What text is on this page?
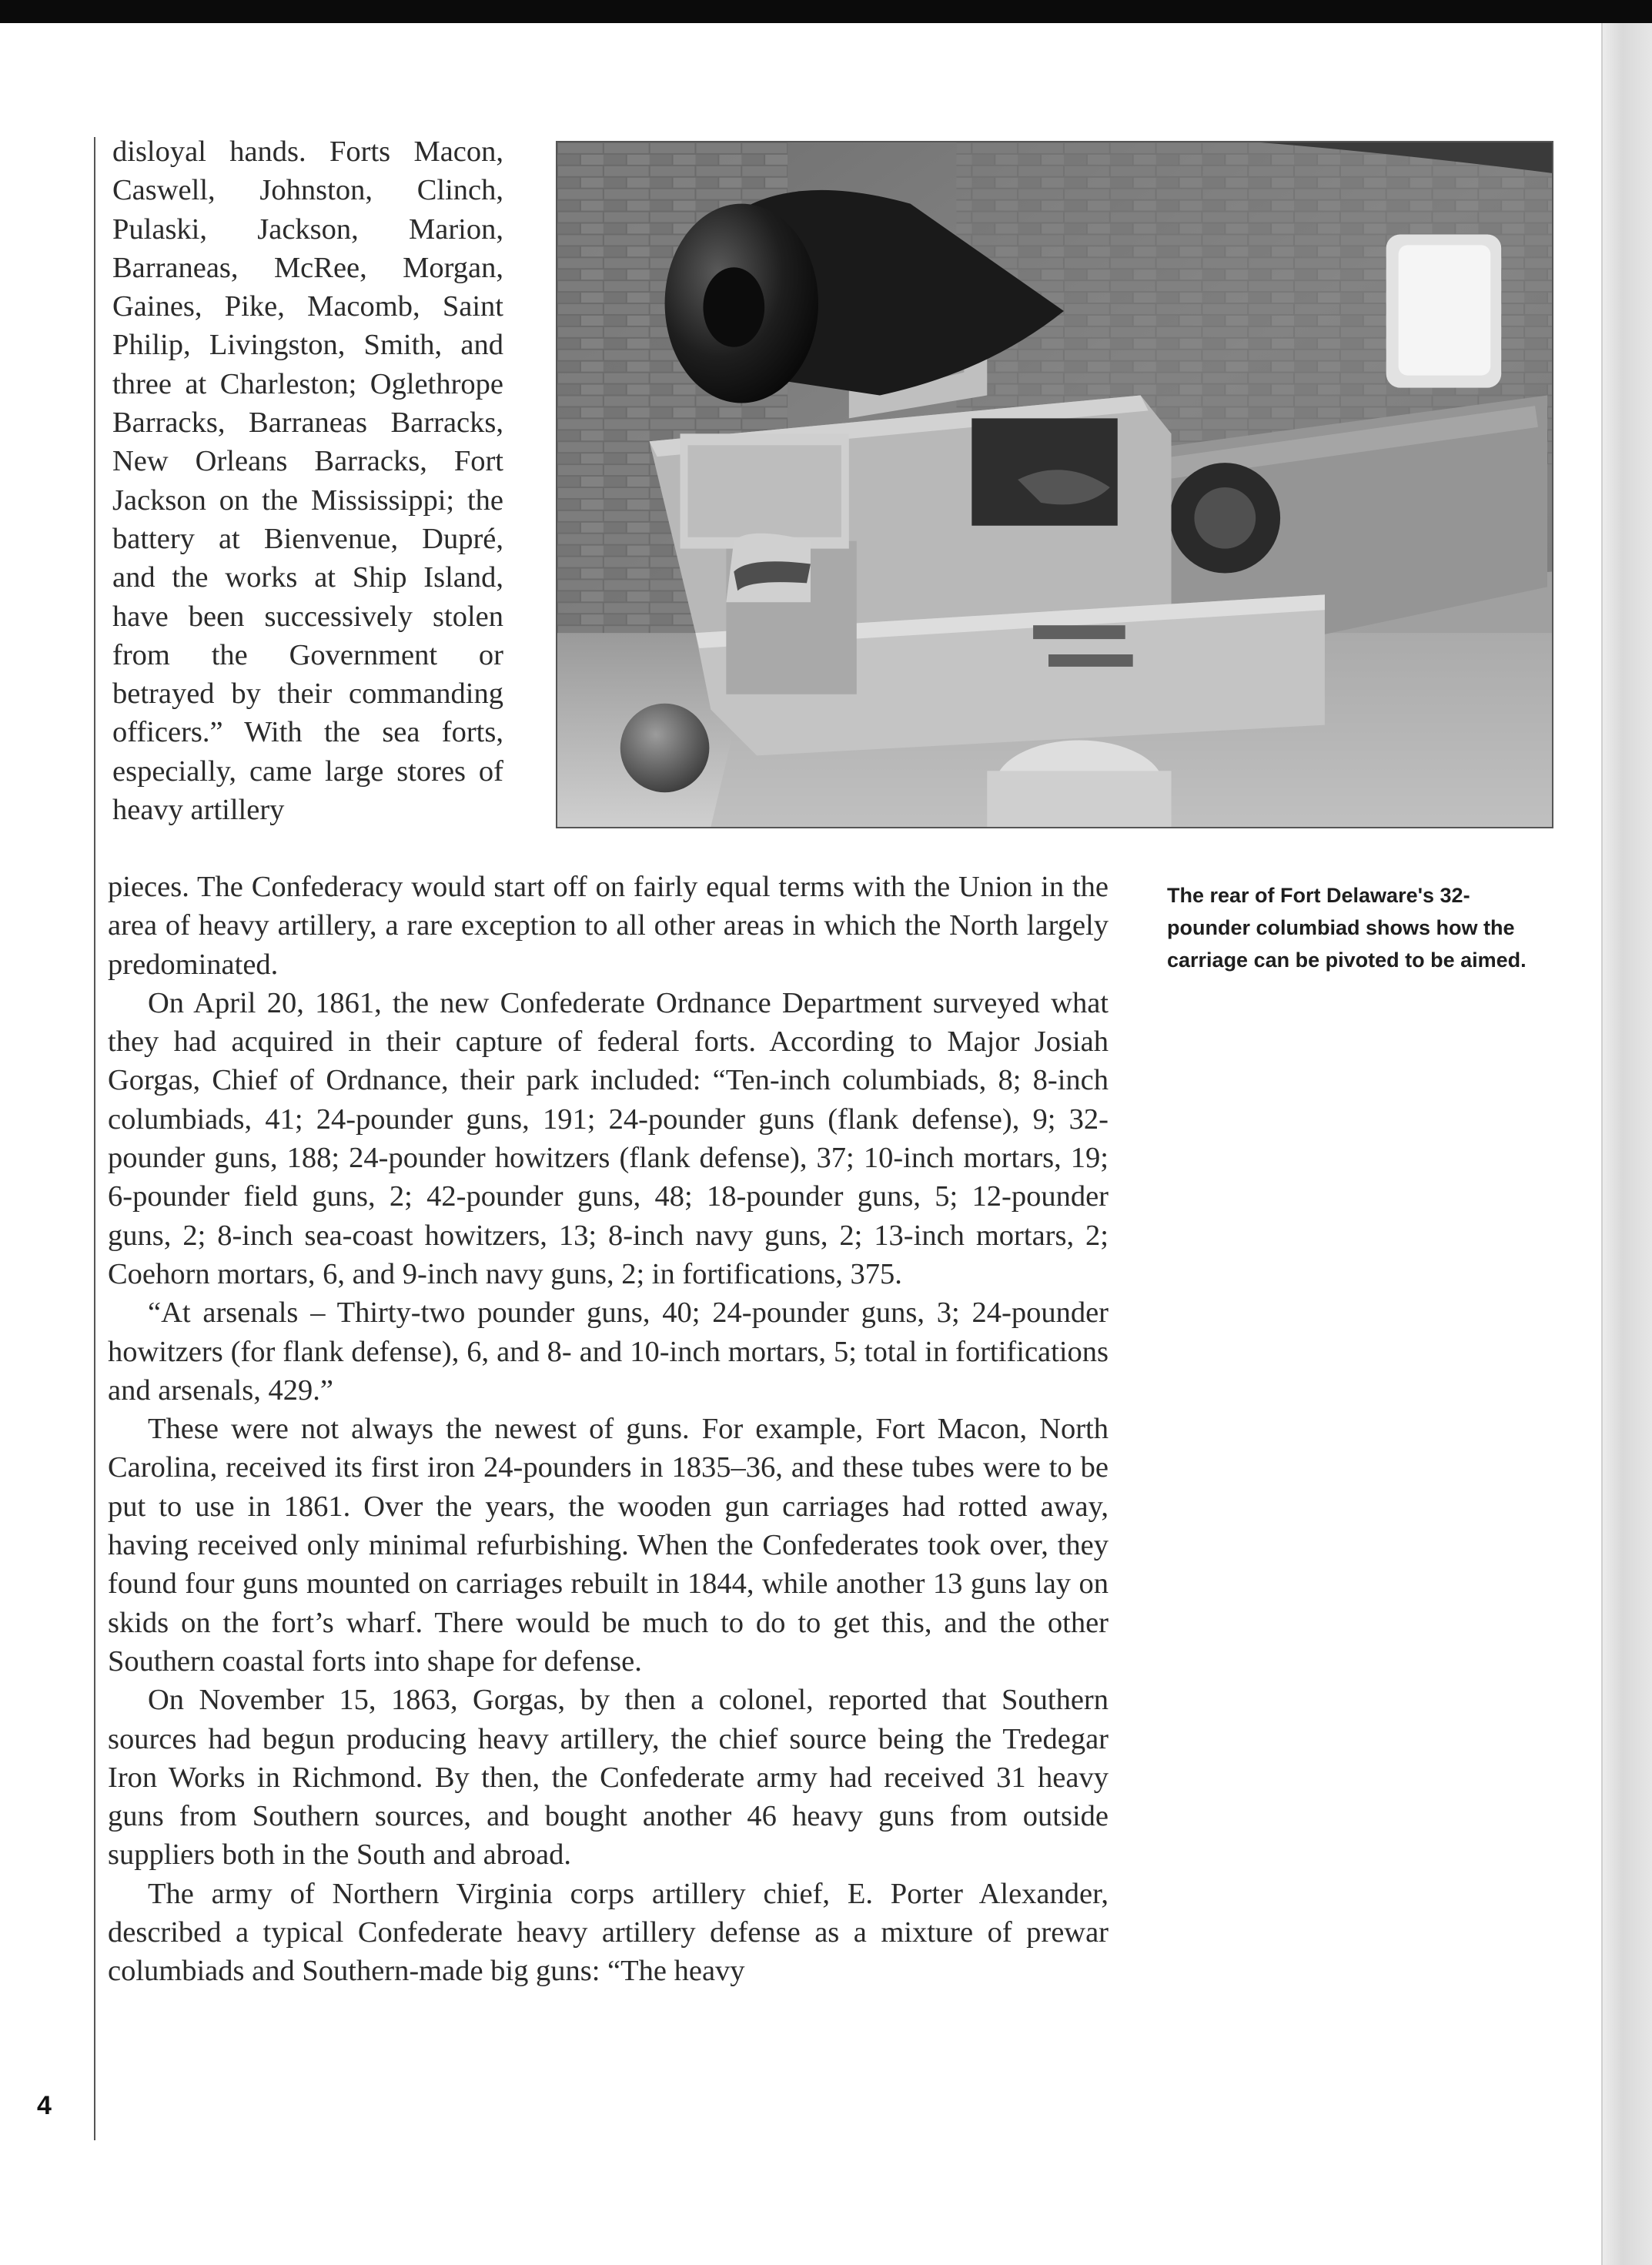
The rear of Fort Delaware's 32-pounder columbiad shows how the carriage can be pivoted to be aimed.

disloyal hands. Forts Macon, Caswell, Johnston, Clinch, Pulaski, Jackson, Marion, Barraneas, McRee, Morgan, Gaines, Pike, Macomb, Saint Philip, Livingston, Smith, and three at Charleston; Oglethrope Barracks, Barraneas Barracks, New Orleans Barracks, Fort Jackson on the Mississippi; the battery at Bienvenue, Dupré, and the works at Ship Island, have been successively stolen from the Government or betrayed by their commanding officers.” With the sea forts, especially, came large stores of heavy artillery

pieces. The Confederacy would start off on fairly equal terms with the Union in the area of heavy artillery, a rare exception to all other areas in which the North largely predominated.

On April 20, 1861, the new Confederate Ordnance Department surveyed what they had acquired in their capture of federal forts. According to Major Josiah Gorgas, Chief of Ordnance, their park included: “Ten-inch columbiads, 8; 8-inch columbiads, 41; 24-pounder guns, 191; 24-pounder guns (flank defense), 9; 32-pounder guns, 188; 24-pounder howitzers (flank defense), 37; 10-inch mortars, 19; 6-pounder field guns, 2; 42-pounder guns, 48; 18-pounder guns, 5; 12-pounder guns, 2; 8-inch sea-coast howitzers, 13; 8-inch navy guns, 2; 13-inch mortars, 2; Coehorn mortars, 6, and 9-inch navy guns, 2; in fortifications, 375.

“At arsenals – Thirty-two pounder guns, 40; 24-pounder guns, 3; 24-pounder howitzers (for flank defense), 6, and 8- and 10-inch mortars, 5; total in fortifications and arsenals, 429.”

These were not always the newest of guns. For example, Fort Macon, North Carolina, received its first iron 24-pounders in 1835–36, and these tubes were to be put to use in 1861. Over the years, the wooden gun carriages had rotted away, having received only minimal refurbishing. When the Confederates took over, they found four guns mounted on carriages rebuilt in 1844, while another 13 guns lay on skids on the fort’s wharf. There would be much to do to get this, and the other Southern coastal forts into shape for defense.

On November 15, 1863, Gorgas, by then a colonel, reported that Southern sources had begun producing heavy artillery, the chief source being the Tredegar Iron Works in Richmond. By then, the Confederate army had received 31 heavy guns from Southern sources, and bought another 46 heavy guns from outside suppliers both in the South and abroad.

The army of Northern Virginia corps artillery chief, E. Porter Alexander, described a typical Confederate heavy artillery defense as a mixture of prewar columbiads and Southern-made big guns: “The heavy

4
